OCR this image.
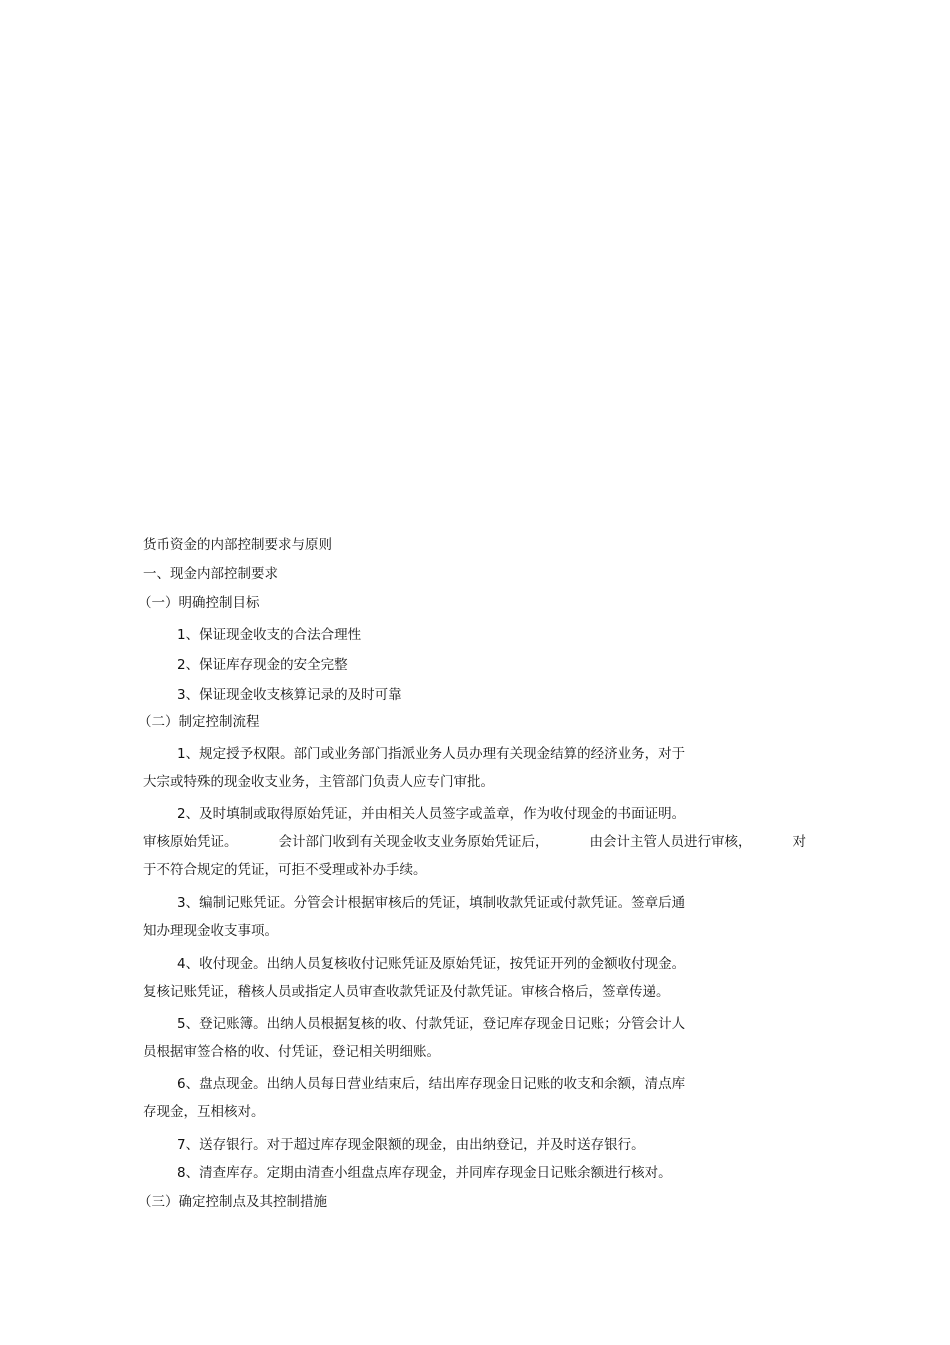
货币资金的内部控制要求与原则
一、现金内部控制要求
（一）明确控制目标
1、保证现金收支的合法合理性
2、保证库存现金的安全完整
3、保证现金收支核算记录的及时可靠
（二）制定控制流程
1、规定授予权限。部门或业务部门指派业务人员办理有关现金结算的经济业务，对于
大宗或特殊的现金收支业务，主管部门负责人应专门审批。
2、及时填制或取得原始凭证，并由相关人员签字或盖章，作为收付现金的书面证明。
审核原始凭证。	会计部门收到有关现金收支业务原始凭证后，	由会计主管人员进行审核，	对
于不符合规定的凭证，可拒不受理或补办手续。
3、编制记账凭证。分管会计根据审核后的凭证，填制收款凭证或付款凭证。签章后通
知办理现金收支事项。
4、收付现金。出纳人员复核收付记账凭证及原始凭证，按凭证开列的金额收付现金。
复核记账凭证，稽核人员或指定人员审查收款凭证及付款凭证。审核合格后，签章传递。
5、登记账簿。出纳人员根据复核的收、付款凭证，登记库存现金日记账；分管会计人
员根据审签合格的收、付凭证，登记相关明细账。
6、盘点现金。出纳人员每日营业结束后，结出库存现金日记账的收支和余额，清点库
存现金，互相核对。
7、送存银行。对于超过库存现金限额的现金，由出纳登记，并及时送存银行。
8、清查库存。定期由清查小组盘点库存现金，并同库存现金日记账余额进行核对。
（三）确定控制点及其控制措施
